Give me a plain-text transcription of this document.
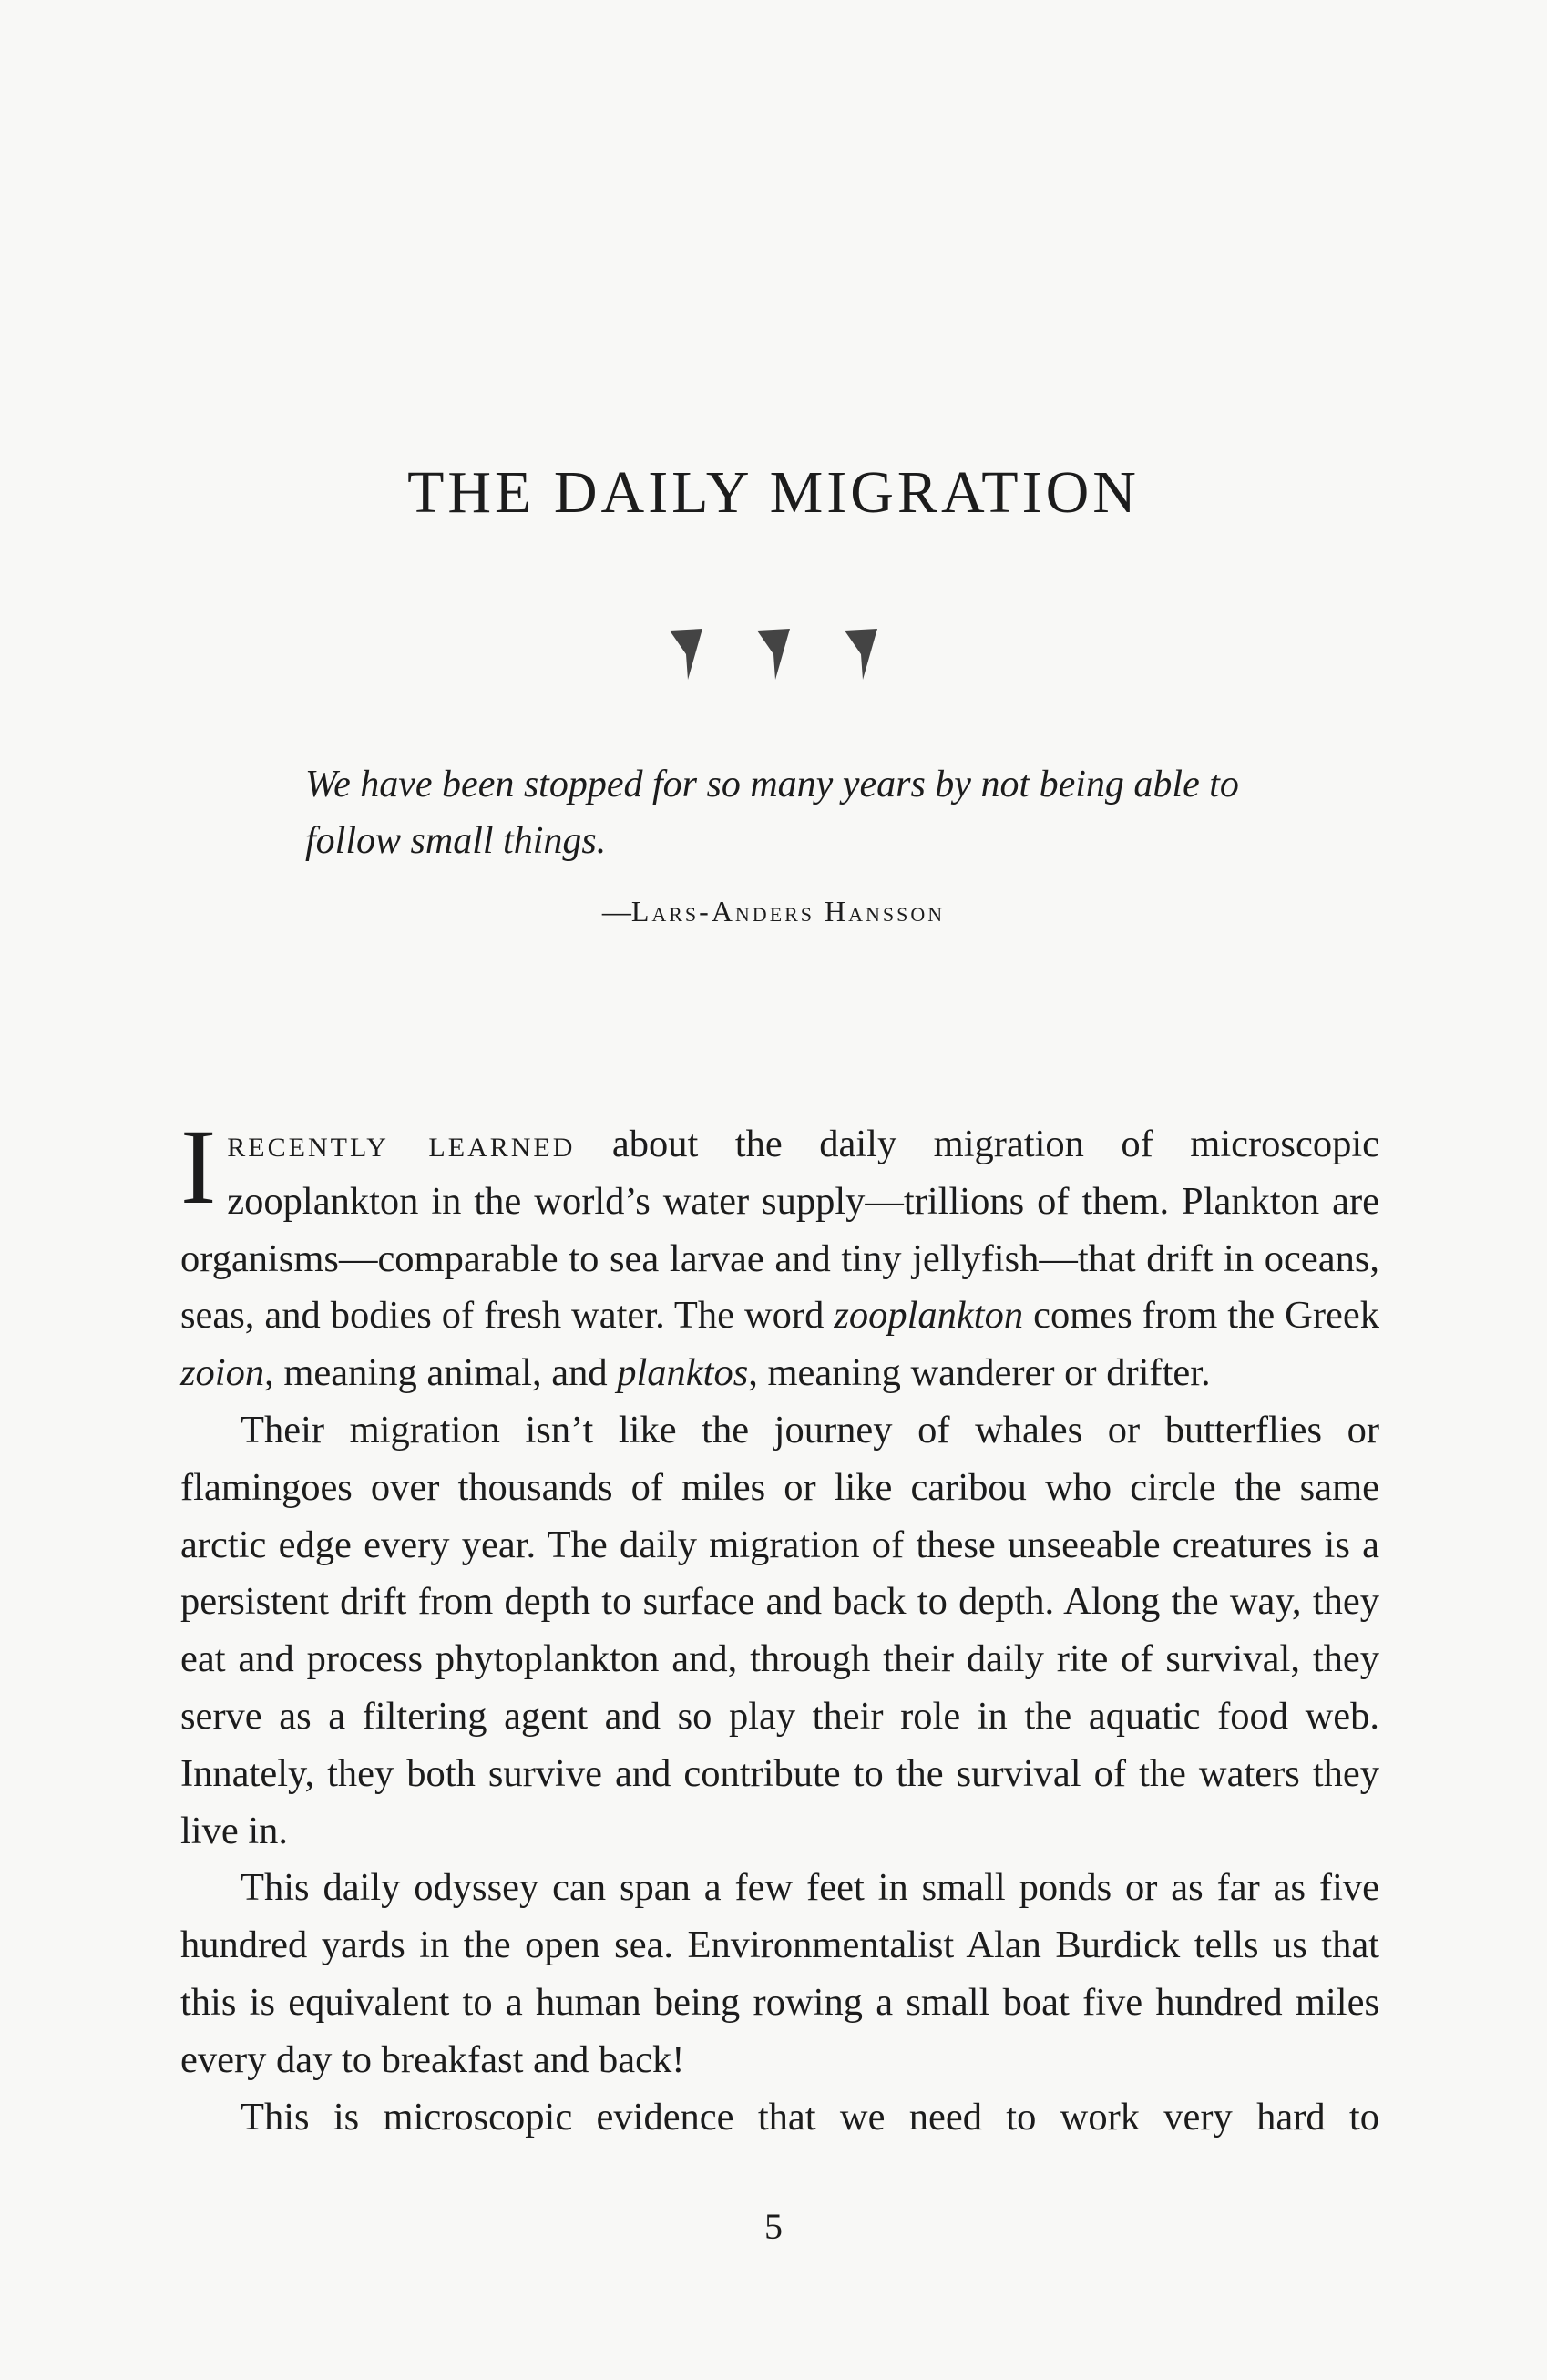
THE DAILY MIGRATION
We have been stopped for so many years by not being able to follow small things.
—Lars-Anders Hansson

Irecently learned about the daily migration of microscopic zooplankton in the world’s water supply—trillions of them. Plankton are organisms—comparable to sea larvae and tiny jellyfish—that drift in oceans, seas, and bodies of fresh water. The word zooplankton comes from the Greek zoion, meaning animal, and planktos, meaning wanderer or drifter.

Their migration isn’t like the journey of whales or butterflies or flamingoes over thousands of miles or like caribou who circle the same arctic edge every year. The daily migration of these unseeable creatures is a persistent drift from depth to surface and back to depth. Along the way, they eat and process phytoplankton and, through their daily rite of survival, they serve as a filtering agent and so play their role in the aquatic food web. Innately, they both survive and contribute to the survival of the waters they live in.

This daily odyssey can span a few feet in small ponds or as far as five hundred yards in the open sea. Environmentalist Alan Burdick tells us that this is equivalent to a human being rowing a small boat five hundred miles every day to breakfast and back!

This is microscopic evidence that we need to work very hard to

5
